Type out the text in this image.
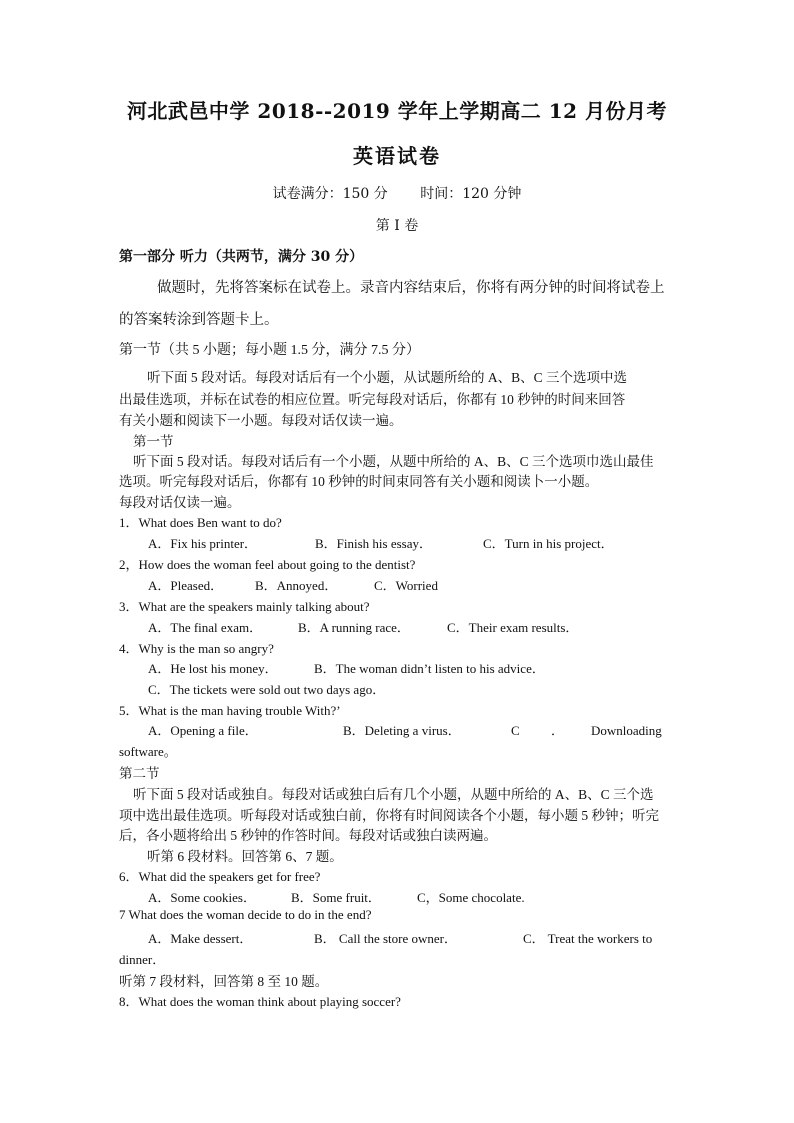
河北武邑中学 2018--2019 学年上学期高二 12 月份月考
英语试卷
试卷满分：150 分 时间：120 分钟
第 I 卷
第一部分 听力（共两节，满分 30 分）
做题时，先将答案标在试卷上。录音内容结束后，你将有两分钟的时间将试卷上
的答案转涂到答题卡上。
第一节（共 5 小题；每小题 1.5 分，满分 7.5 分）
听下面 5 段对话。每段对话后有一个小题，从试题所给的 A、B、C 三个选项中选
出最佳选项，并标在试卷的相应位置。听完每段对话后，你都有 10 秒钟的时间来回答
有关小题和阅读下一小题。每段对话仅读一遍。
第一节
听下面 5 段对话。每段对话后有一个小题，从题中所给的 A、B、C 三个选项巾选山最佳
选项。听完每段对话后，你都有 10 秒钟的时间束同答有关小题和阅读卜一小题。
每段对话仅读一遍。
1．What does Ben want to do?
A．Fix his printer．	B．Finish his essay．	C．Turn in his project．
2，How does the woman feel about going to the dentist?
A．Pleased． B．Annoyed．	C．Worried
3．What are the speakers mainly talking about?
A．The final exam．	B．A running race．	C．Their exam results．
4．Why is the man so angry?
A．He lost his money．	B．The woman didn’t listen to his advice．
C．The tickets were sold out two days ago．
5．What is the man having trouble With?’
A．Opening a file．	B．Deleting a virus．	C ． Downloading
software。
第二节
听下面 5 段对话或独自。每段对话或独白后有几个小题，从题中所给的 A、B、C 三个选
项中选出最佳选项。听每段对话或独白前，你将有时间阅读各个小题，每小题 5 秒钟；听完
后，各小题将给出 5 秒钟的作答时间。每段对话或独白读两遍。
听第 6 段材料。回答第 6、7 题。
6．What did the speakers get for free?
A．Some cookies．	B．Some fruit．	C，Some chocolate.
7 What does the woman decide to do in the end?
A．Make dessert．	B． Call the store owner．	C． Treat the workers to
dinner．
听第 7 段材料，回答第 8 至 10 题。
8．What does the woman think about playing soccer?
